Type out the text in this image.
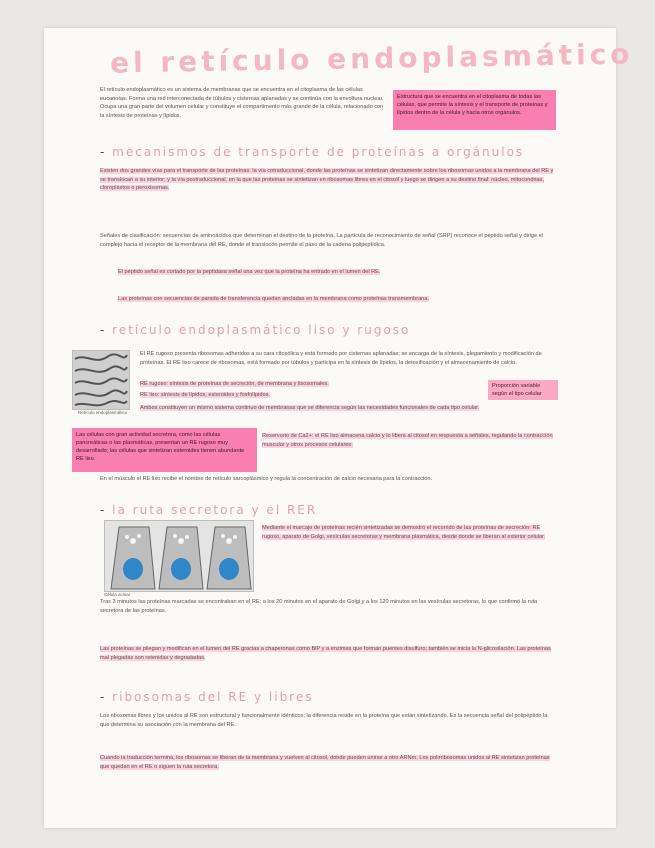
el retículo endoplasmático
El retículo endoplasmático es un sistema de membranas que se encuentra en el citoplasma de las células eucariotas. Forma una red interconectada de túbulos y cisternas aplanadas y se continúa con la envoltura nuclear. Ocupa una gran parte del volumen celular y constituye el compartimento más grande de la célula, relacionado con la síntesis de proteínas y lípidos.
Estructura que se encuentra en el citoplasma de todas las células, que permite la síntesis y el transporte de proteínas y lípidos dentro de la célula y hacia otros orgánulos.
- mecanismos de transporte de proteínas a orgánulos
Existen dos grandes vías para el transporte de las proteínas: la vía cotraduccional, donde las proteínas se sintetizan directamente sobre los ribosomas unidos a la membrana del RE y se translocan a su interior; y la vía postraduccional, en la que las proteínas se sintetizan en ribosomas libres en el citosol y luego se dirigen a su destino final: núcleo, mitocondrias, cloroplastos o peroxisomas.
Señales de clasificación: secuencias de aminoácidos que determinan el destino de la proteína. La partícula de reconocimiento de señal (SRP) reconoce el péptido señal y dirige el complejo hacia el receptor de la membrana del RE, donde el translocón permite el paso de la cadena polipeptídica.
El péptido señal es cortado por la peptidasa señal una vez que la proteína ha entrado en el lumen del RE.
Las proteínas con secuencias de parada de transferencia quedan ancladas en la membrana como proteínas transmembrana.
- retículo endoplasmático liso y rugoso
Retículo endoplasmático
El RE rugoso presenta ribosomas adheridos a su cara citosólica y está formado por cisternas aplanadas; se encarga de la síntesis, plegamiento y modificación de proteínas. El RE liso carece de ribosomas, está formado por túbulos y participa en la síntesis de lípidos, la detoxificación y el almacenamiento de calcio.
RE rugoso: síntesis de proteínas de secreción, de membrana y lisosomales.
RE liso: síntesis de lípidos, esteroides y fosfolípidos.
Proporción variable según el tipo celular
Ambos constituyen un mismo sistema continuo de membranas que se diferencia según las necesidades funcionales de cada tipo celular.
Las células con gran actividad secretora, como las células pancreáticas o las plasmáticas, presentan un RE rugoso muy desarrollado; las células que sintetizan esteroides tienen abundante RE liso.
Reservorio de Ca2+: el RE liso almacena calcio y lo libera al citosol en respuesta a señales, regulando la contracción muscular y otros procesos celulares.
En el músculo el RE liso recibe el nombre de retículo sarcoplásmico y regula la concentración de calcio necesaria para la contracción.
- la ruta secretora y el RER
Célula acinar
Mediante el marcaje de proteínas recién sintetizadas se demostró el recorrido de las proteínas de secreción: RE rugoso, aparato de Golgi, vesículas secretoras y membrana plasmática, desde donde se liberan al exterior celular.
Tras 3 minutos las proteínas marcadas se encontraban en el RE; a los 20 minutos en el aparato de Golgi y a los 120 minutos en las vesículas secretoras, lo que confirmó la ruta secretora de las proteínas.
Las proteínas se pliegan y modifican en el lumen del RE gracias a chaperonas como BiP y a enzimas que forman puentes disulfuro; también se inicia la N-glicosilación. Las proteínas mal plegadas son retenidas y degradadas.
- ribosomas del RE y libres
Los ribosomas libres y los unidos al RE son estructural y funcionalmente idénticos; la diferencia reside en la proteína que están sintetizando. Es la secuencia señal del polipéptido la que determina su asociación con la membrana del RE.
Cuando la traducción termina, los ribosomas se liberan de la membrana y vuelven al citosol, donde pueden unirse a otro ARNm. Los polirribosomas unidos al RE sintetizan proteínas que quedan en el RE o siguen la ruta secretora.
